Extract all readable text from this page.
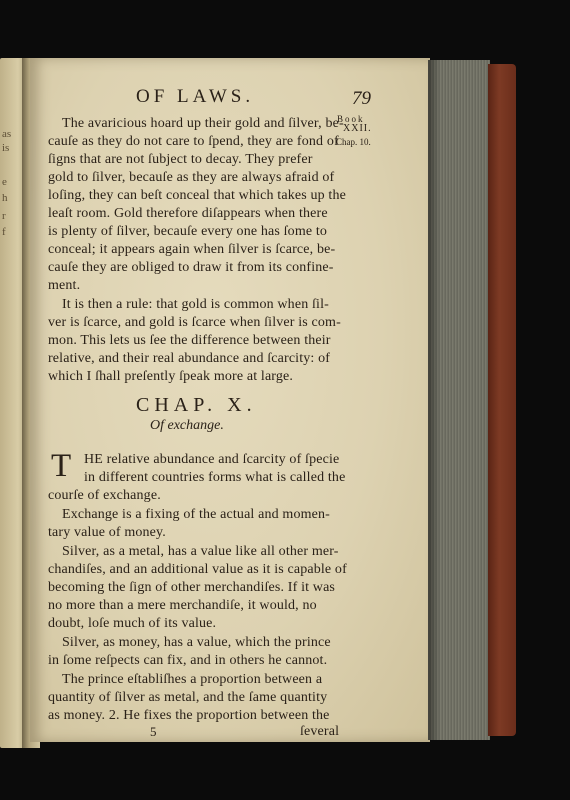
as
is
e
h
r
f
OF LAWS.	79
Book
XXII.
Chap. 10.
The avaricious hoard up their gold and ſilver, be-
cauſe as they do not care to ſpend, they are fond of
ſigns that are not ſubject to decay. They prefer
gold to ſilver, becauſe as they are always afraid of
loſing, they can beſt conceal that which takes up the
leaſt room. Gold therefore diſappears when there
is plenty of ſilver, becauſe every one has ſome to
conceal; it appears again when ſilver is ſcarce, be-
cauſe they are obliged to draw it from its confine-
ment.
It is then a rule: that gold is common when ſil-
ver is ſcarce, and gold is ſcarce when ſilver is com-
mon. This lets us ſee the difference between their
relative, and their real abundance and ſcarcity: of
which I ſhall preſently ſpeak more at large.
CHAP. X.
Of exchange.
T HE relative abundance and ſcarcity of ſpecie
in different countries forms what is called the
courſe of exchange.
Exchange is a fixing of the actual and momen-
tary value of money.
Silver, as a metal, has a value like all other mer-
chandiſes, and an additional value as it is capable of
becoming the ſign of other merchandiſes. If it was
no more than a mere merchandiſe, it would, no
doubt, loſe much of its value.
Silver, as money, has a value, which the prince
in ſome reſpects can fix, and in others he cannot.
The prince eſtabliſhes a proportion between a
quantity of ſilver as metal, and the ſame quantity
as money. 2. He fixes the proportion between the
5	ſeveral
